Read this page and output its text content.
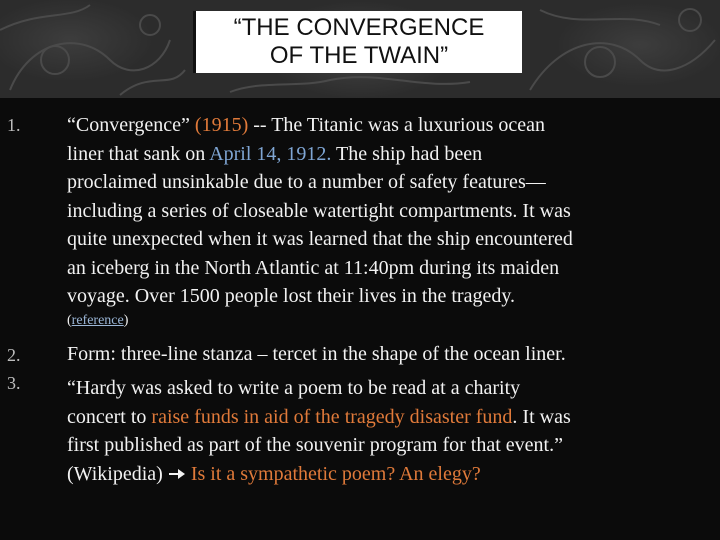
“THE CONVERGENCE
OF THE TWAIN”
1. “Convergence” (1915) -- The Titanic was a luxurious ocean
liner that sank on April 14, 1912. The ship had been
proclaimed unsinkable due to a number of safety features—
including a series of closeable watertight compartments. It was
quite unexpected when it was learned that the ship encountered
an iceberg in the North Atlantic at 11:40pm during its maiden
voyage. Over 1500 people lost their lives in the tragedy.
(reference)
2. Form: three-line stanza – tercet in the shape of the ocean liner.
3. “Hardy was asked to write a poem to be read at a charity
concert to raise funds in aid of the tragedy disaster fund. It was
first published as part of the souvenir program for that event.”
(Wikipedia)  Is it a sympathetic poem? An elegy?
